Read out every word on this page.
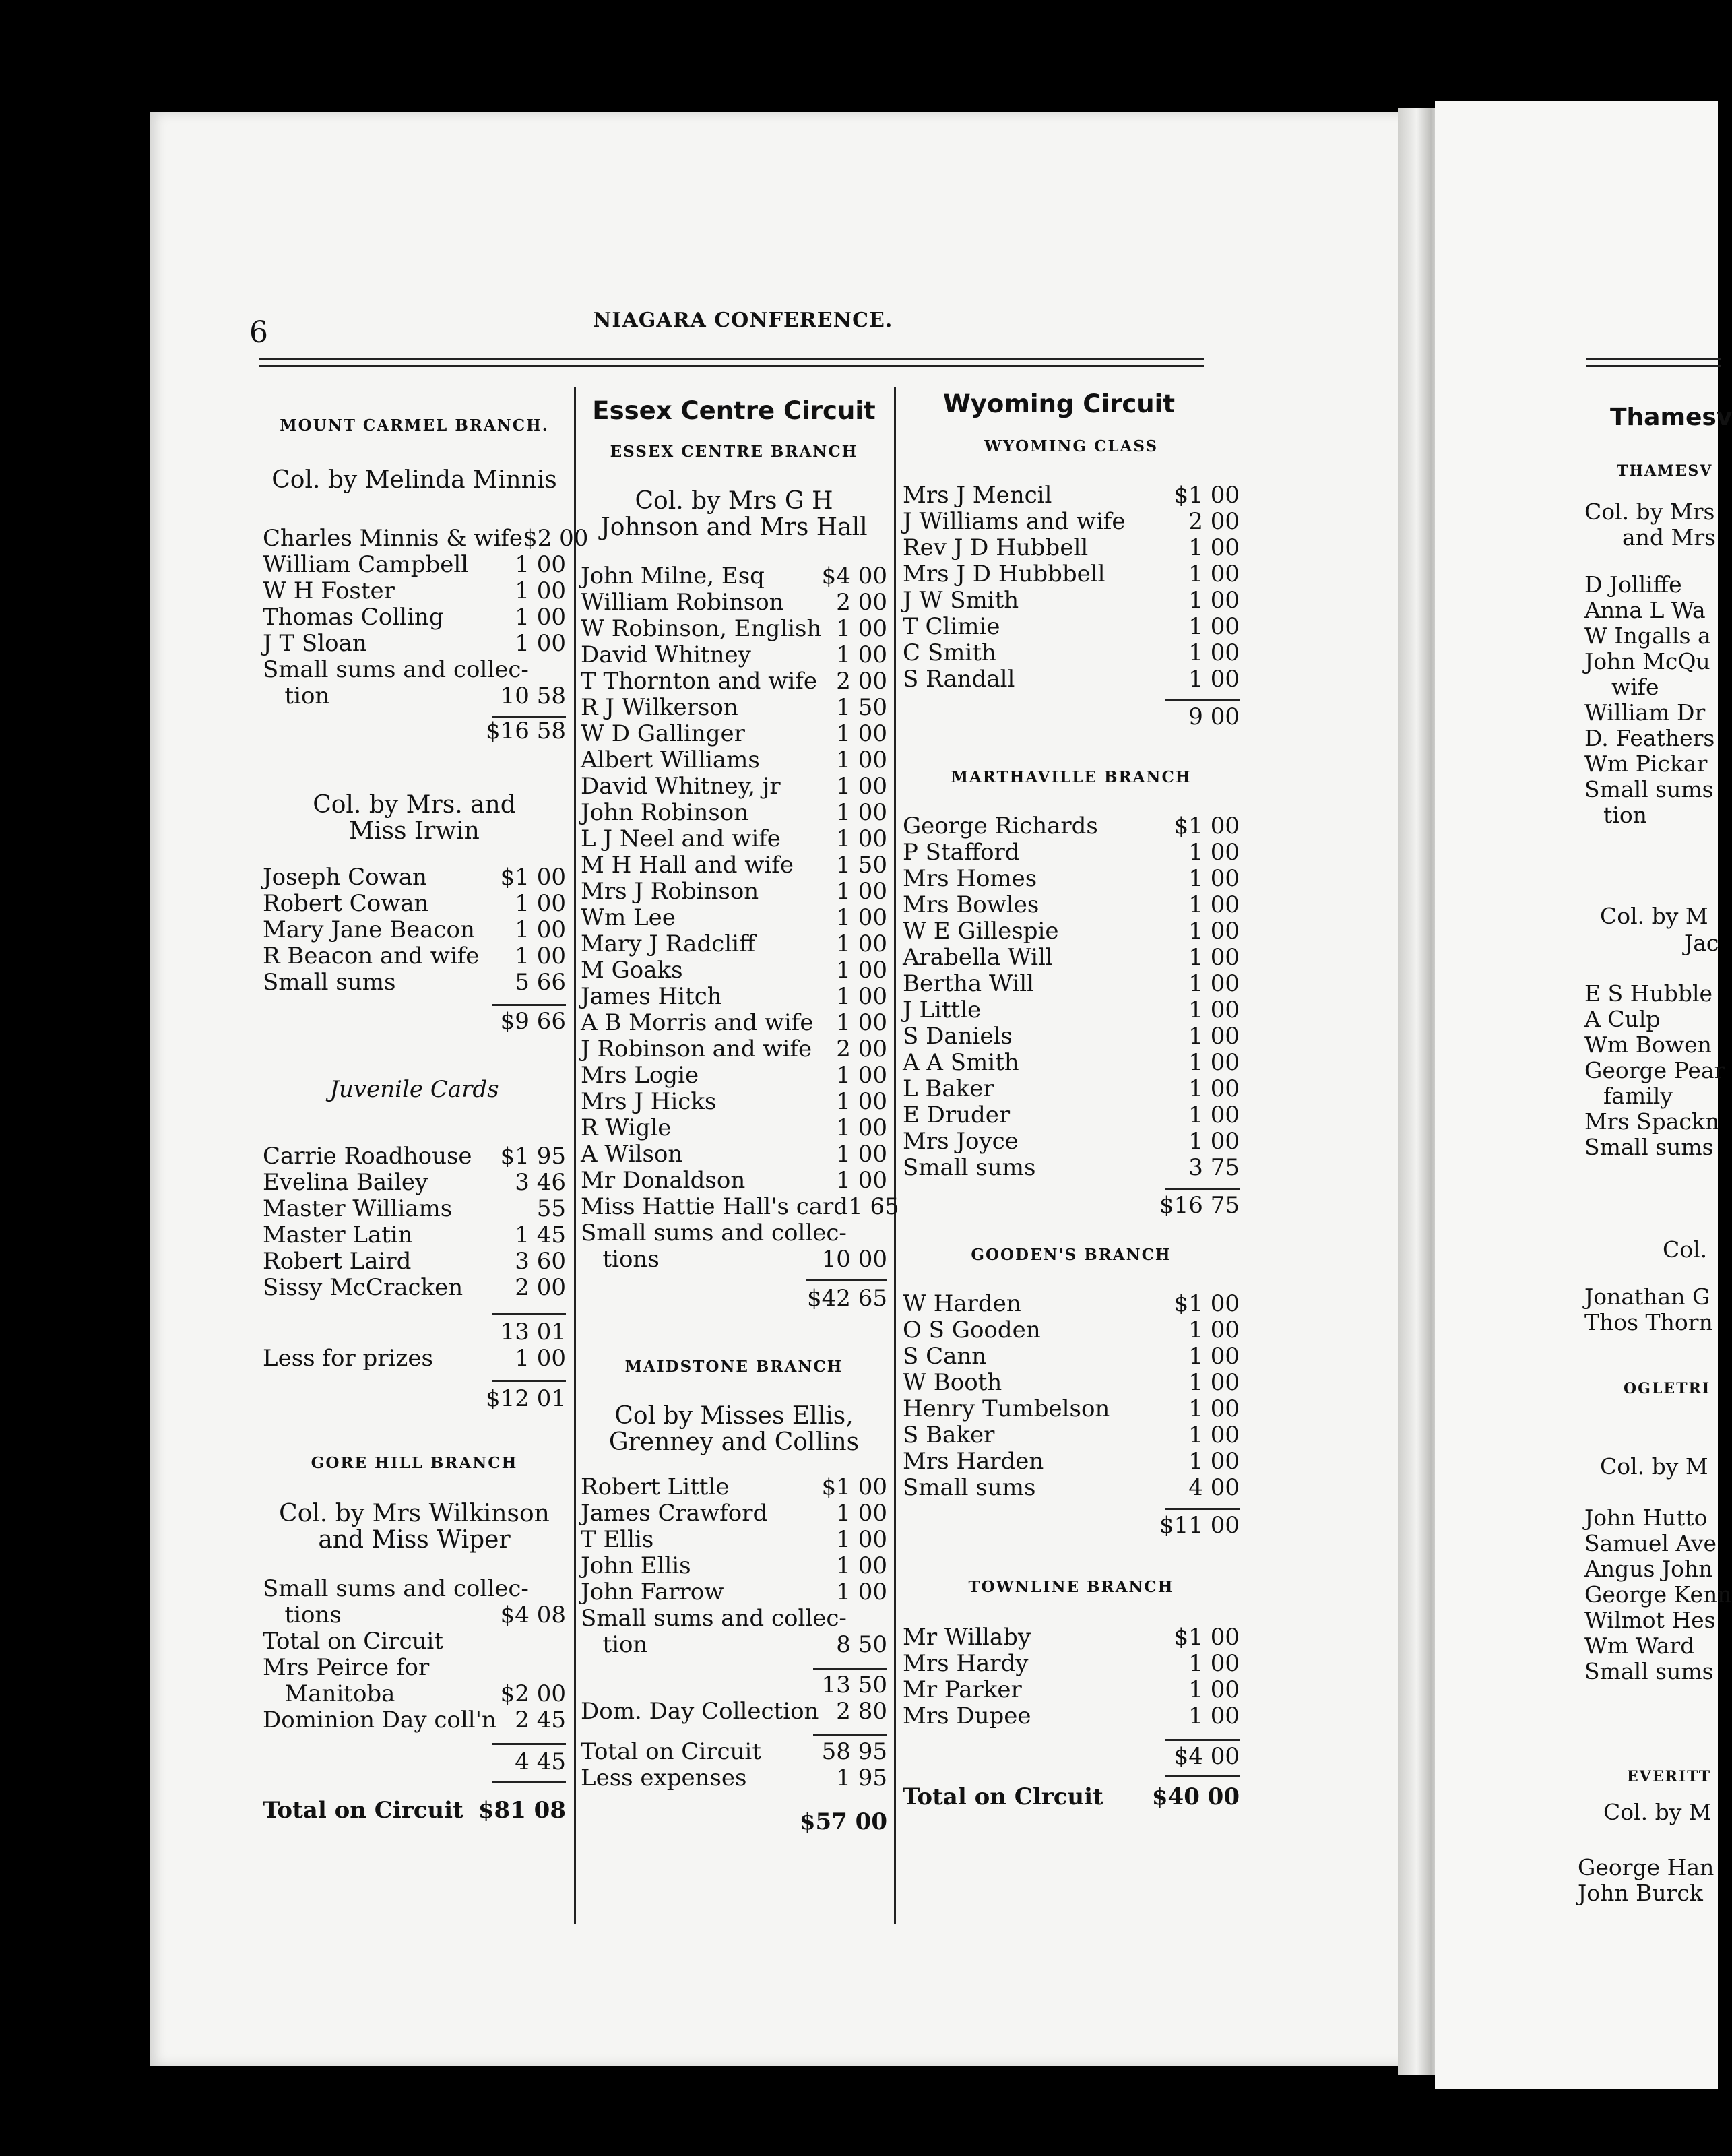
6	NIAGARA CONFERENCE.
MOUNT CARMEL BRANCH.
Col. by Melinda Minnis
Charles Minnis & wife $2 00
William Campbell 1 00
W H Foster	1 00
Thomas Colling	1 00
J T Sloan	1 00
Small sums and collec-
tion	10 58
$16 58
Col. by Mrs. and Miss Irwin
Joseph Cowan	$1 00
Robert Cowan	1 00
Mary Jane Beacon 1 00
R Beacon and wife 1 00
Small sums	5 66
$9 66
Juvenile Cards
Carrie Roadhouse $1 95
Evelina Bailey	3 46
Master Williams	55
Master Latin	1 45
Robert Laird	3 60
Sissy McCracken 2 00
13 01
Less for prizes	1 00
$12 01
GORE HILL BRANCH
Col. by Mrs Wilkinson and Miss Wiper
Small sums and collec-
tions	$4 08
Total on Circuit
Mrs Peirce for
Manitoba	$2 00
Dominion Day coll'n 2 45
4 45
Total on Circuit $81 08
Essex Centre Circuit
ESSEX CENTRE BRANCH
Col. by Mrs G H Johnson and Mrs Hall
John Milne, Esq $4 00
William Robinson 2 00
W Robinson, English 1 00
David Whitney	1 00
T Thornton and wife 2 00
R J Wilkerson	1 50
W D Gallinger	1 00
Albert Williams	1 00
David Whitney, jr 1 00
John Robinson	1 00
L J Neel and wife 1 00
M H Hall and wife 1 50
Mrs J Robinson	1 00
Wm Lee	1 00
Mary J Radcliff	1 00
M Goaks	1 00
James Hitch	1 00
A B Morris and wife 1 00
J Robinson and wife 2 00
Mrs Logie	1 00
Mrs J Hicks	1 00
R Wigle	1 00
A Wilson	1 00
Mr Donaldson	1 00
Miss Hattie Hall's card 1 65
Small sums and collec-
tions	10 00
$42 65
MAIDSTONE BRANCH
Col by Misses Ellis, Grenney and Collins
Robert Little	$1 00
James Crawford	1 00
T Ellis	1 00
John Ellis	1 00
John Farrow	1 00
Small sums and collec-
tion	8 50
13 50
Dom. Day Collection 2 80
Total on Circuit	58 95
Less expenses	1 95
$57 00
Wyoming Circuit
WYOMING CLASS
Mrs J Mencil	$1 00
J Williams and wife	2 00
Rev J D Hubbell	1 00
Mrs J D Hubbbell	1 00
J W Smith	1 00
T Climie	1 00
C Smith	1 00
S Randall	1 00
9 00
MARTHAVILLE BRANCH
George Richards	$1 00
P Stafford	1 00
Mrs Homes	1 00
Mrs Bowles	1 00
W E Gillespie	1 00
Arabella Will	1 00
Bertha Will	1 00
J Little	1 00
S Daniels	1 00
A A Smith	1 00
L Baker	1 00
E Druder	1 00
Mrs Joyce	1 00
Small sums	3 75
$16 75
GOODEN'S BRANCH
W Harden	$1 00
O S Gooden	1 00
S Cann	1 00
W Booth	1 00
Henry Tumbelson	1 00
S Baker	1 00
Mrs Harden	1 00
Small sums	4 00
$11 00
TOWNLINE BRANCH
Mr Willaby	$1 00
Mrs Hardy	1 00
Mr Parker	1 00
Mrs Dupee	1 00
$4 00
Total on Clrcuit $40 00
Thamesv
THAMESV
Col. by Mrs
and Mrs
D Jolliffe
Anna L Wa
W Ingalls a
John McQu
wife
William Dr
D. Feathers
Wm Pickar
Small sums
tion
Col. by M
Jac
E S Hubble
A Culp
Wm Bowen
George Pear
family
Mrs Spackn
Small sums
Col.
Jonathan G
Thos Thorn
OGLETRI
Col. by M
John Hutto
Samuel Ave
Angus John
George Kenn
Wilmot Hes
Wm Ward
Small sums
EVERITT
Col. by M
George Han
John Burck
